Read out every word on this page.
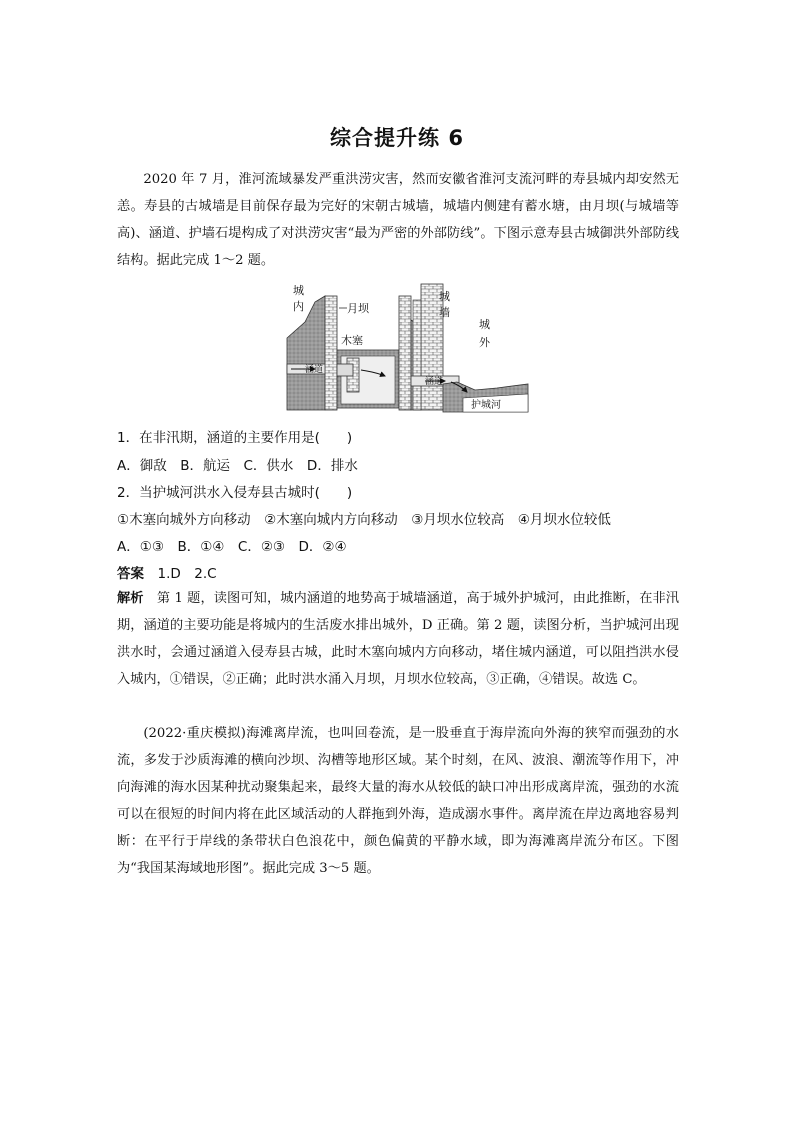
综合提升练 6

2020 年 7 月，淮河流域暴发严重洪涝灾害，然而安徽省淮河支流河畔的寿县城内却安然无恙。寿县的古城墙是目前保存最为完好的宋朝古城墙，城墙内侧建有蓄水塘，由月坝(与城墙等高)、涵道、护墙石堤构成了对洪涝灾害“最为严密的外部防线”。下图示意寿县古城御洪外部防线结构。据此完成 1～2 题。

城
内	月坝
木塞
涵道
涵道
城
墙
城
外
护城河
1．在非汛期，涵道的主要作用是(　　)
A．御敌　B．航运　C．供水　D．排水
2．当护城河洪水入侵寿县古城时(　　)
①木塞向城外方向移动　②木塞向城内方向移动　③月坝水位较高　④月坝水位较低
A．①③　B．①④　C．②③　D．②④
答案　 1.D　2.C

解析　 第 1 题，读图可知，城内涵道的地势高于城墙涵道，高于城外护城河，由此推断，在非汛期，涵道的主要功能是将城内的生活废水排出城外，D 正确。第 2 题，读图分析，当护城河出现洪水时，会通过涵道入侵寿县古城，此时木塞向城内方向移动，堵住城内涵道，可以阻挡洪水侵入城内，①错误，②正确；此时洪水涌入月坝，月坝水位较高，③正确，④错误。故选 C。

(2022·重庆模拟)海滩离岸流，也叫回卷流，是一股垂直于海岸流向外海的狭窄而强劲的水流，多发于沙质海滩的横向沙坝、沟槽等地形区域。某个时刻，在风、波浪、潮流等作用下，冲向海滩的海水因某种扰动聚集起来，最终大量的海水从较低的缺口冲出形成离岸流，强劲的水流可以在很短的时间内将在此区域活动的人群拖到外海，造成溺水事件。离岸流在岸边离地容易判断：在平行于岸线的条带状白色浪花中，颜色偏黄的平静水域，即为海滩离岸流分布区。下图为“我国某海域地形图”。据此完成 3～5 题。
